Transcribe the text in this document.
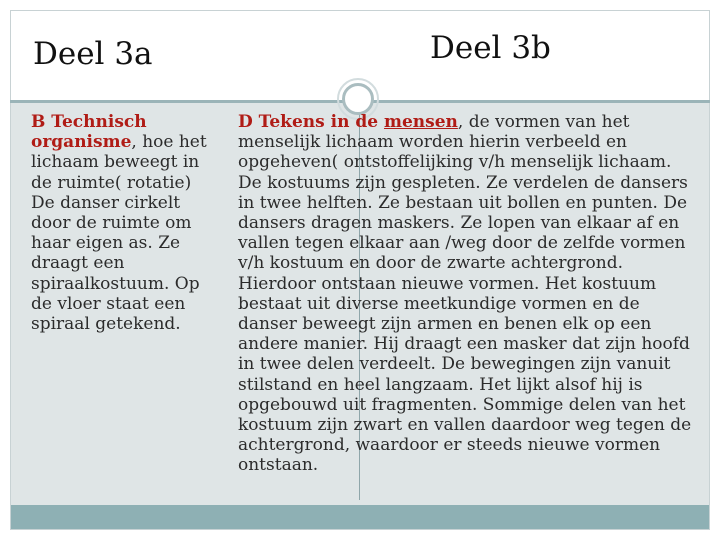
Deel 3a	Deel 3b

B Technisch organisme, hoe het lichaam beweegt in de ruimte( rotatie) De danser cirkelt door de ruimte om haar eigen as. Ze draagt een spiraalkostuum. Op de vloer staat een spiraal getekend.

D Tekens in de mensen, de vormen van het menselijk lichaam worden hierin verbeeld en opgeheven( ontstoffelijking v/h menselijk lichaam. De kostuums zijn gespleten. Ze verdelen de dansers in twee helften. Ze bestaan uit bollen en punten. De dansers dragen maskers. Ze lopen van elkaar af en vallen tegen elkaar aan /weg door de zelfde vormen v/h kostuum en door de zwarte achtergrond. Hierdoor ontstaan nieuwe vormen. Het kostuum bestaat uit diverse meetkundige vormen en de danser beweegt zijn armen en benen elk op een andere manier. Hij draagt een masker dat zijn hoofd in twee delen verdeelt. De bewegingen zijn vanuit stilstand en heel langzaam. Het lijkt alsof hij is opgebouwd uit fragmenten. Sommige delen van het kostuum zijn zwart en vallen daardoor weg tegen de achtergrond, waardoor er steeds nieuwe vormen ontstaan.
